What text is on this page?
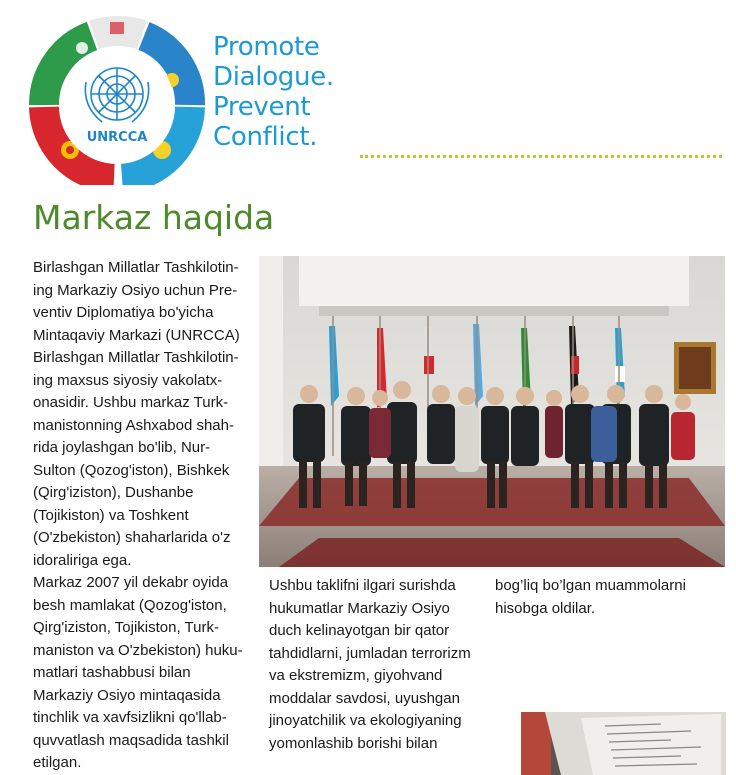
UNRCCA
Promote
Dialogue.
Prevent
Conflict.
Markaz haqida
Birlashgan Millatlar Tashkilotin-
ing Markaziy Osiyo uchun Pre-
ventiv Diplomatiya bo'yicha
Mintaqaviy Markazi (UNRCCA)
Birlashgan Millatlar Tashkilotin-
ing maxsus siyosiy vakolatx-
onasidir. Ushbu markaz Turk-
manistonning Ashxabod shah-
rida joylashgan bo'lib, Nur-
Sulton (Qozog'iston), Bishkek
(Qirg'iziston), Dushanbe
(Tojikiston) va Toshkent
(O'zbekiston) shaharlarida o'z
idoraliriga ega.
Markaz 2007 yil dekabr oyida
besh mamlakat (Qozog'iston,
Qirg'iziston, Tojikiston, Turk-
maniston va O'zbekiston) huku-
matlari tashabbusi bilan
Markaziy Osiyo mintaqasida
tinchlik va xavfsizlikni qo'llab-
quvvatlash maqsadida tashkil
etilgan.
Ushbu taklifni ilgari surishda
hukumatlar Markaziy Osiyo
duch kelinayotgan bir qator
tahdidlarni, jumladan terrorizm
va ekstremizm, giyohvand
moddalar savdosi, uyushgan
jinoyatchilik va ekologiyaning
yomonlashib borishi bilan
bog’liq bo’lgan muammolarni
hisobga oldilar.
